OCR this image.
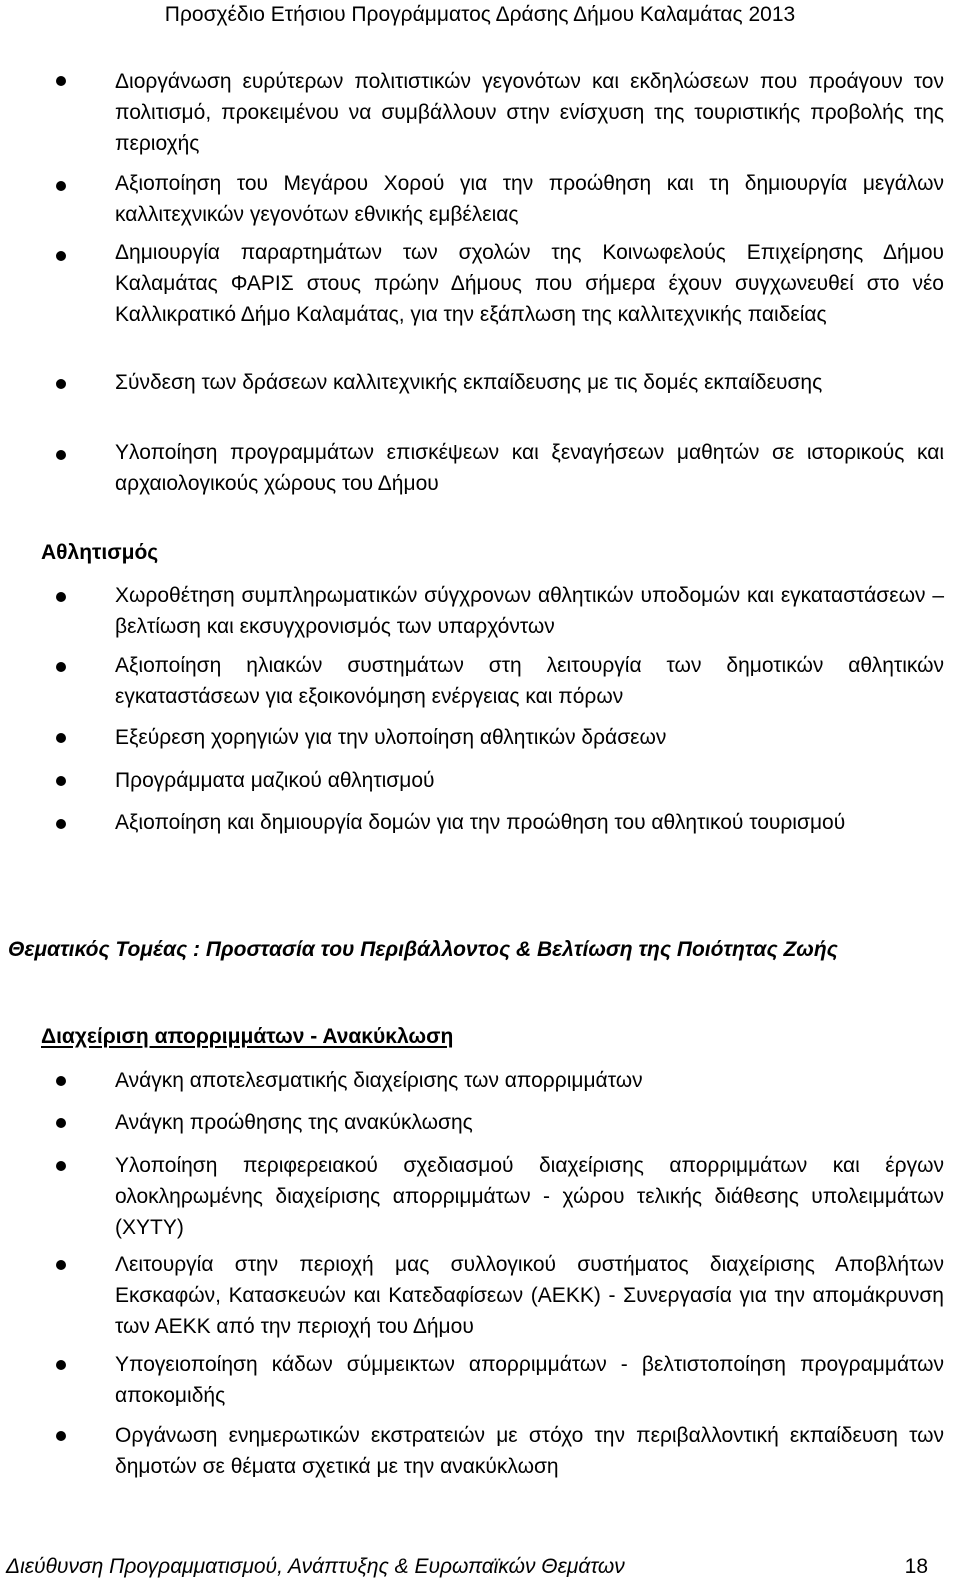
Προσχέδιο Ετήσιου Προγράμματος Δράσης Δήμου Καλαμάτας 2013
Διοργάνωση ευρύτερων πολιτιστικών γεγονότων και εκδηλώσεων που προάγουν τον πολιτισμό, προκειμένου να συμβάλλουν στην ενίσχυση της τουριστικής προβολής της περιοχής
Αξιοποίηση του Μεγάρου Χορού για την προώθηση και τη δημιουργία μεγάλων καλλιτεχνικών γεγονότων εθνικής εμβέλειας
Δημιουργία παραρτημάτων των σχολών της Κοινωφελούς Επιχείρησης Δήμου Καλαμάτας ΦΑΡΙΣ στους πρώην Δήμους που σήμερα έχουν συγχωνευθεί στο νέο Καλλικρατικό Δήμο Καλαμάτας, για την εξάπλωση της καλλιτεχνικής παιδείας
Σύνδεση των δράσεων καλλιτεχνικής εκπαίδευσης με τις δομές εκπαίδευσης
Υλοποίηση προγραμμάτων επισκέψεων και ξεναγήσεων μαθητών σε ιστορικούς και αρχαιολογικούς χώρους του Δήμου
Αθλητισμός
Χωροθέτηση συμπληρωματικών σύγχρονων αθλητικών υποδομών και εγκαταστάσεων – βελτίωση και εκσυγχρονισμός των υπαρχόντων
Αξιοποίηση ηλιακών συστημάτων στη λειτουργία των δημοτικών αθλητικών εγκαταστάσεων για εξοικονόμηση ενέργειας και πόρων
Εξεύρεση χορηγιών για την υλοποίηση αθλητικών δράσεων
Προγράμματα μαζικού αθλητισμού
Αξιοποίηση και δημιουργία δομών για την προώθηση του αθλητικού τουρισμού
Θεματικός Τομέας : Προστασία του Περιβάλλοντος & Βελτίωση της Ποιότητας Ζωής
Διαχείριση απορριμμάτων - Ανακύκλωση
Ανάγκη αποτελεσματικής διαχείρισης των απορριμμάτων
Ανάγκη προώθησης της ανακύκλωσης
Υλοποίηση περιφερειακού σχεδιασμού διαχείρισης απορριμμάτων και έργων ολοκληρωμένης διαχείρισης απορριμμάτων - χώρου τελικής διάθεσης υπολειμμάτων (ΧΥΤΥ)
Λειτουργία στην περιοχή μας συλλογικού συστήματος διαχείρισης Αποβλήτων Εκσκαφών, Κατασκευών και Κατεδαφίσεων (ΑΕΚΚ) - Συνεργασία για την απομάκρυνση των ΑΕΚΚ από την περιοχή του Δήμου
Υπογειοποίηση κάδων σύμμεικτων απορριμμάτων - βελτιστοποίηση προγραμμάτων αποκομιδής
Οργάνωση ενημερωτικών εκστρατειών με στόχο την περιβαλλοντική εκπαίδευση των δημοτών σε θέματα σχετικά με την ανακύκλωση
Διεύθυνση Προγραμματισμού, Ανάπτυξης & Ευρωπαϊκών Θεμάτων	18
